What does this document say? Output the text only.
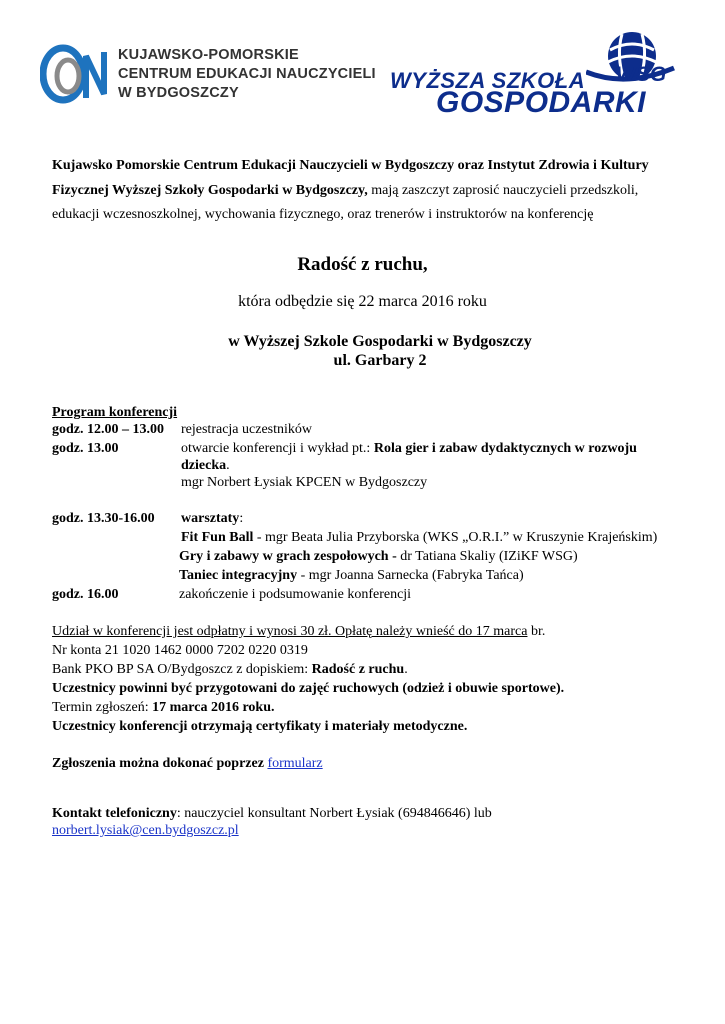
KUJAWSKO-POMORSKIE
CENTRUM EDUKACJI NAUCZYCIELI
W BYDGOSZCZY	WYŻSZA SZKOŁA WSG
GOSPODARKI
Kujawsko Pomorskie Centrum Edukacji Nauczycieli w Bydgoszczy oraz Instytut Zdrowia i Kultury
Fizycznej Wyższej Szkoły Gospodarki w Bydgoszczy, mają zaszczyt zaprosić nauczycieli przedszkoli,
edukacji wczesnoszkolnej, wychowania fizycznego, oraz trenerów i instruktorów na konferencję
Radość z ruchu,
która odbędzie się 22 marca 2016 roku
w Wyższej Szkole Gospodarki w Bydgoszczy
ul. Garbary 2
Program konferencji
godz. 12.00 – 13.00 rejestracja uczestników
godz. 13.00	otwarcie konferencji i wykład pt.: Rola gier i zabaw dydaktycznych w rozwoju
dziecka.
mgr Norbert Łysiak KPCEN w Bydgoszczy
godz. 13.30-16.00 warsztaty:
Fit Fun Ball - mgr Beata Julia Przyborska (WKS „O.R.I.” w Kruszynie Krajeńskim)
Gry i zabawy w grach zespołowych - dr Tatiana Skaliy (IZiKF WSG)
Taniec integracyjny - mgr Joanna Sarnecka (Fabryka Tańca)
godz. 16.00	zakończenie i podsumowanie konferencji
Udział w konferencji jest odpłatny i wynosi 30 zł. Opłatę należy wnieść do 17 marca br.
Nr konta 21 1020 1462 0000 7202 0220 0319
Bank PKO BP SA O/Bydgoszcz z dopiskiem: Radość z ruchu.
Uczestnicy powinni być przygotowani do zajęć ruchowych (odzież i obuwie sportowe).
Termin zgłoszeń: 17 marca 2016 roku.
Uczestnicy konferencji otrzymają certyfikaty i materiały metodyczne.
Zgłoszenia można dokonać poprzez formularz
Kontakt telefoniczny: nauczyciel konsultant Norbert Łysiak (694846646) lub
norbert.lysiak@cen.bydgoszcz.pl
